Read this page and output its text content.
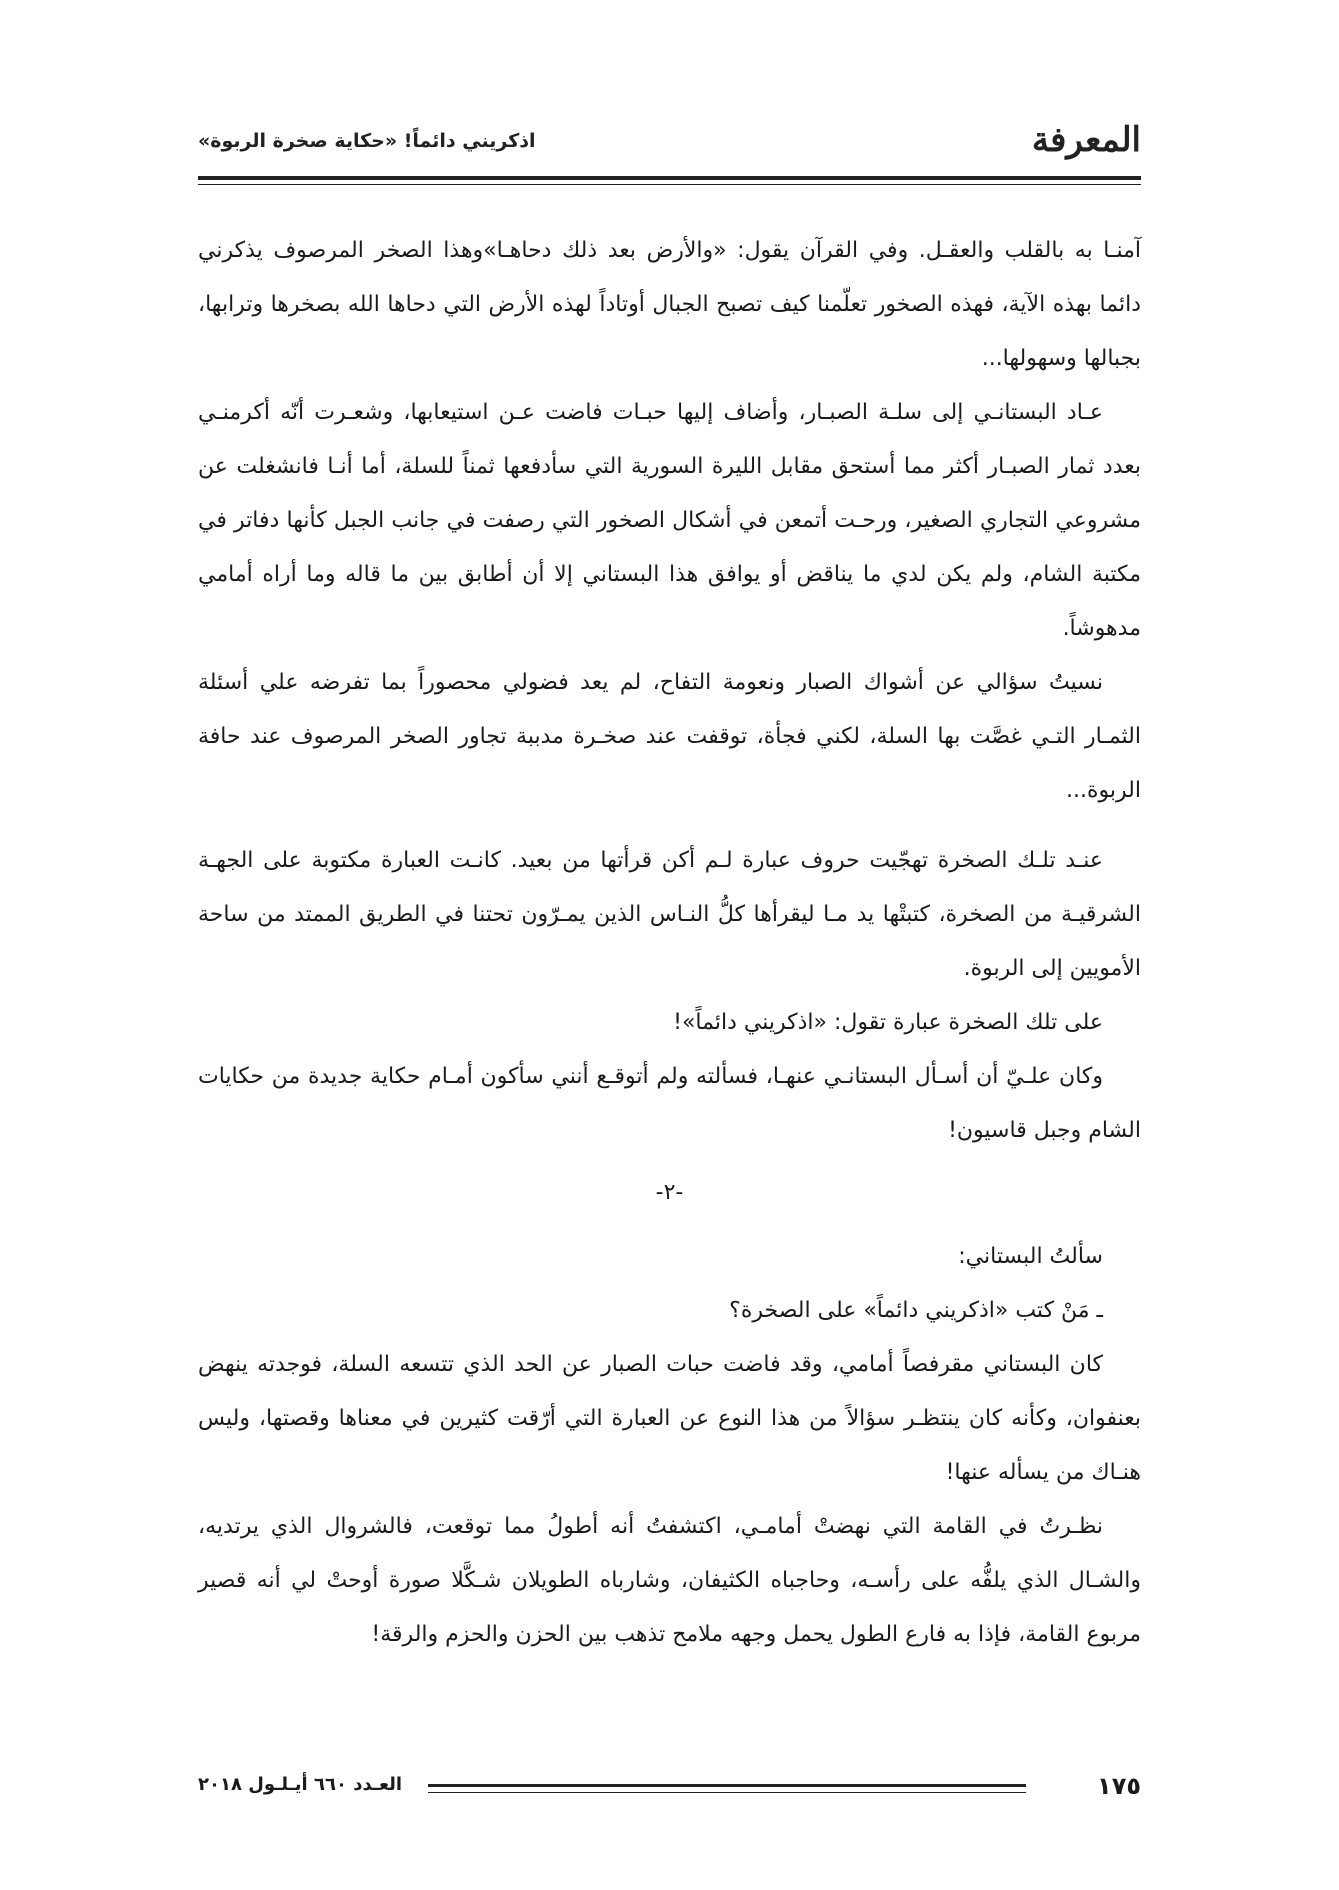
المعرفة
اذكريني دائماً! «حكاية صخرة الربوة»

آمنـا به بالقلب والعقـل. وفي القرآن يقول: «والأرض بعد ذلك دحاهـا»وهذا الصخر المرصوف يذكرني دائما بهذه الآية، فهذه الصخور تعلّمنا كيف تصبح الجبال أوتاداً لهذه الأرض التي دحاها الله بصخرها وترابها، بجبالها وسهولها...

عـاد البستانـي إلى سلـة الصبـار، وأضاف إليها حبـات فاضت عـن استيعابها، وشعـرت أنّه أكرمنـي بعدد ثمار الصبـار أكثر مما أستحق مقابل الليرة السورية التي سأدفعها ثمناً للسلة، أما أنـا فانشغلت عن مشروعي التجاري الصغير، ورحـت أتمعن في أشكال الصخور التي رصفت في جانب الجبل كأنها دفاتر في مكتبة الشام، ولم يكن لدي ما يناقض أو يوافق هذا البستاني إلا أن أطابق بين ما قاله وما أراه أمامي مدهوشاً.

نسيتُ سؤالي عن أشواك الصبار ونعومة التفاح، لم يعد فضولي محصوراً بما تفرضه علي أسئلة الثمـار التـي غصَّت بها السلة، لكني فجأة، توقفت عند صخـرة مدببة تجاور الصخر المرصوف عند حافة الربوة...

عنـد تلـك الصخرة تهجّيت حروف عبارة لـم أكن قرأتها من بعيد. كانـت العبارة مكتوبة على الجهـة الشرقيـة من الصخرة، كتبتْها يد مـا ليقرأها كلُّ النـاس الذين يمـرّون تحتنا في الطريق الممتد من ساحة الأمويين إلى الربوة.

على تلك الصخرة عبارة تقول: «اذكريني دائماً»!

وكان علـيّ أن أسـأل البستانـي عنهـا، فسألته ولم أتوقـع أنني سأكون أمـام حكاية جديدة من حكايات الشام وجبل قاسيون!

-٢-

سألتُ البستاني:

ـ مَنْ كتب «اذكريني دائماً» على الصخرة؟

كان البستاني مقرفصاً أمامي، وقد فاضت حبات الصبار عن الحد الذي تتسعه السلة، فوجدته ينهض بعنفوان، وكأنه كان ينتظـر سؤالاً من هذا النوع عن العبارة التي أرّقت كثيرين في معناها وقصتها، وليس هنـاك من يسأله عنها!

نظـرتُ في القامة التي نهضتْ أمامـي، اكتشفتُ أنه أطولُ مما توقعت، فالشروال الذي يرتديه، والشـال الذي يلفُّه على رأسـه، وحاجباه الكثيفان، وشارباه الطويلان شـكَّلا صورة أوحتْ لي أنه قصير مربوع القامة، فإذا به فارع الطول يحمل وجهه ملامح تذهب بين الحزن والحزم والرقة!

١٧٥
العـدد ٦٦٠ أيـلـول ٢٠١٨
